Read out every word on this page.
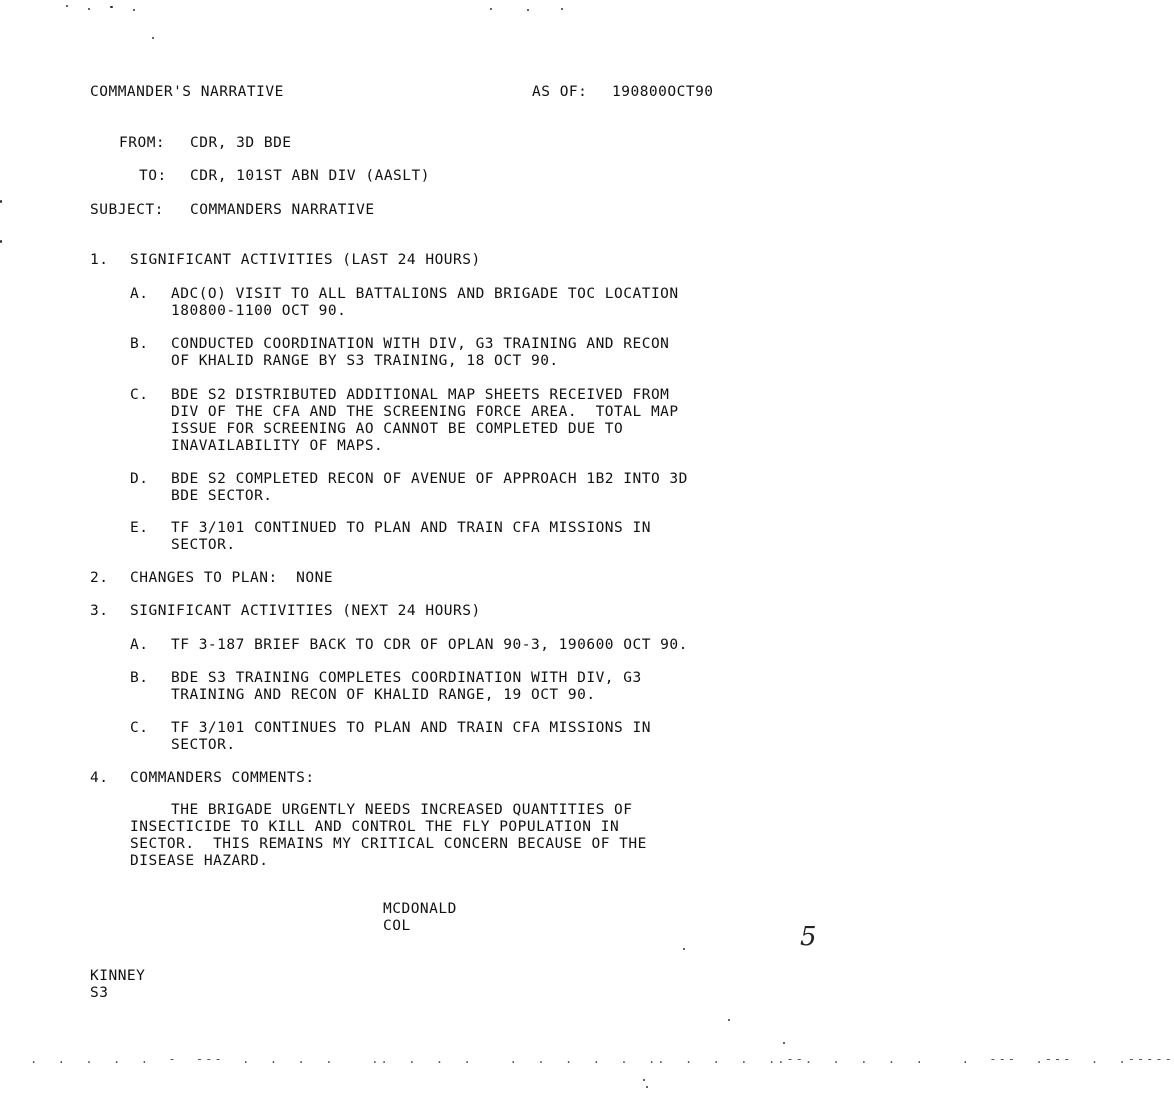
COMMANDER'S NARRATIVE	AS OF: 190800OCT90
FROM: CDR, 3D BDE
TO: CDR, 101ST ABN DIV (AASLT)
SUBJECT: COMMANDERS NARRATIVE
1. SIGNIFICANT ACTIVITIES (LAST 24 HOURS)
A. ADC(O) VISIT TO ALL BATTALIONS AND BRIGADE TOC LOCATION
180800-1100 OCT 90.
B. CONDUCTED COORDINATION WITH DIV, G3 TRAINING AND RECON
OF KHALID RANGE BY S3 TRAINING, 18 OCT 90.
C. BDE S2 DISTRIBUTED ADDITIONAL MAP SHEETS RECEIVED FROM
DIV OF THE CFA AND THE SCREENING FORCE AREA.  TOTAL MAP
ISSUE FOR SCREENING AO CANNOT BE COMPLETED DUE TO
INAVAILABILITY OF MAPS.
D. BDE S2 COMPLETED RECON OF AVENUE OF APPROACH 1B2 INTO 3D
BDE SECTOR.
E. TF 3/101 CONTINUED TO PLAN AND TRAIN CFA MISSIONS IN
SECTOR.
2. CHANGES TO PLAN:  NONE
3. SIGNIFICANT ACTIVITIES (NEXT 24 HOURS)
A. TF 3-187 BRIEF BACK TO CDR OF OPLAN 90-3, 190600 OCT 90.
B. BDE S3 TRAINING COMPLETES COORDINATION WITH DIV, G3
TRAINING AND RECON OF KHALID RANGE, 19 OCT 90.
C. TF 3/101 CONTINUES TO PLAN AND TRAIN CFA MISSIONS IN
SECTOR.
4. COMMANDERS COMMENTS:
THE BRIGADE URGENTLY NEEDS INCREASED QUANTITIES OF
INSECTICIDE TO KILL AND CONTROL THE FLY POPULATION IN
SECTOR.  THIS REMAINS MY CRITICAL CONCERN BECAUSE OF THE
DISEASE HAZARD.
MCDONALD
COL	5
KINNEY
S3
.  .  .  .  .  -  ---  .  .  .  .    ..  .  .  .    .  .  .  .  .  ..  .  .  .  ..--.  .  .  .  .    .  ---  .---  .  .-----
